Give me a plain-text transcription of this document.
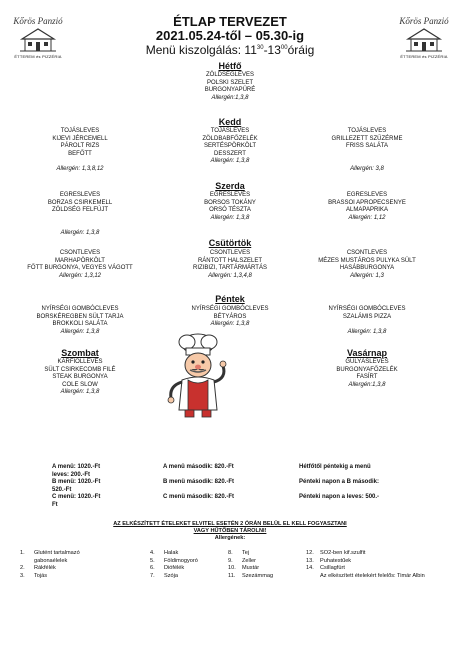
Kőrös Panzió
ÉTTEREM és PIZZÉRIA
Kőrös Panzió
ÉTTEREM és PIZZÉRIA
ÉTLAP TERVEZET
2021.05.24-től – 05.30-ig
Menü kiszolgálás: $11^{30}-13^{00}óráig$
Hétfő
ZÖLDSÉGLEVES
POLSKI SZELET
BURGONYAPÜRÉ
Allergén:1,3,8
Kedd
TOJÁSLEVES
KIJEVI JÉRCEMELL
PÁROLT RIZS
BEFŐTT

Allergén: 1,3,8,12
TOJÁSLEVES
ZÖLDBABFŐZELÉK
SERTÉSPÖRKÖLT
DESSZERT
Allergén: 1,3,8
TOJÁSLEVES
GRILLEZETT SZŰZÉRME
FRISS SALÁTA

Allergén: 3,8
Szerda
EGRESLEVES
BORZAS CSIRKEMELL
ZÖLDSÉG FELFÚJT

Allergén: 1,3,8
EGRESLEVES
BORSOS TOKÁNY
ORSÓ TÉSZTA
Allergén: 1,3,8
EGRESLEVES
BRASSOI APROPECSENYE
ALMAPAPRIKA
Allergén: 1,12
Csütörtök
CSONTLEVES
MARHAPÖRKÖLT
FŐTT BURGONYA, VEGYES VÁGOTT
Allergén: 1,3,12
CSONTLEVES
RÁNTOTT HALSZELET
RIZIBIZI, TARTÁRMÁRTÁS
Allergén: 1,3,4,8
CSONTLEVES
MÉZES MUSTÁROS PULYKA SÜLT
HASÁBBURGONYA
Allergén: 1,3
Péntek
NYÍRSÉGI GOMBÓCLEVES
BORSKÉREGBEN SÜLT TARJA
BROKKOLI SALÁTA
Allergén: 1,3,8
NYÍRSÉGI GOMBÓCLEVES
BÉTYÁROS
Allergén: 1,3,8
NYÍRSÉGI GOMBÓCLEVES
SZALÁMIS PIZZA

Allergén: 1,3,8
Szombat
KARFIOLLEVES
SÜLT CSIRKECOMB FILÉ
STEAK BURGONYA
COLE SLOW
Allergén: 1,3,8
Vasárnap
GULYÁSLEVES
BURGONYAFŐZELÉK
FASÍRT
Allergén:1,3,8
A menü: 1020.-Ft
leves: 200.-Ft
B menü: 1020.-Ft
520.-Ft
C menü: 1020.-Ft
Ft
A menü második: 820.-Ft
B menü második: 820.-Ft
C menü második: 820.-Ft
Hétfőtől péntekig a menü
Pénteki napon a B második:
Pénteki napon a leves: 500.-
AZ ELKÉSZÍTETT ÉTELEKET ELVITEL ESETÉN 2 ÓRÁN BELÜL EL KELL FOGYASZTANI
VAGY HŰTŐBEN TÁROLNI!
Allergének:
1. Glutént tartalmazó
gabonaélelek
2. Rákfélék
3. Tojás
4. Halak
5. Földimogyoró
6. Diófélék
7. Szója
8. Tej
9. Zeller
10. Mustár
11. Szezámmag
12. SO2-ben kif.szulfit
13. Puhatestűek
14. Csillagfürt
Az elkészített ételekért felelős: Timár Albin
